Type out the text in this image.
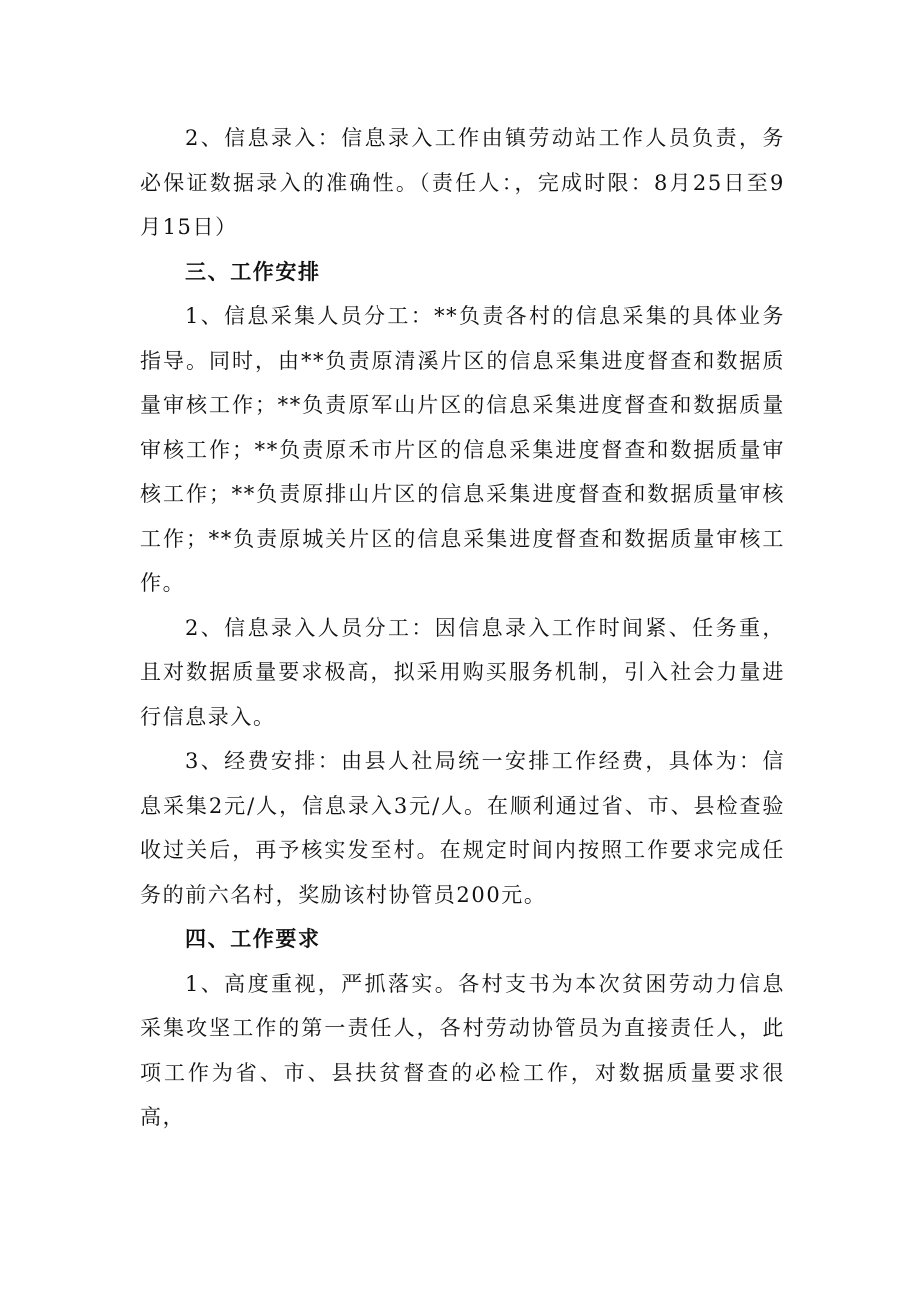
2、信息录入：信息录入工作由镇劳动站工作人员负责，务必保证数据录入的准确性。（责任人：，完成时限：8月25日至9月15日）

三、工作安排

1、信息采集人员分工：**负责各村的信息采集的具体业务指导。同时，由**负责原清溪片区的信息采集进度督查和数据质量审核工作；**负责原军山片区的信息采集进度督查和数据质量审核工作；**负责原禾市片区的信息采集进度督查和数据质量审核工作；**负责原排山片区的信息采集进度督查和数据质量审核工作；**负责原城关片区的信息采集进度督查和数据质量审核工作。

2、信息录入人员分工：因信息录入工作时间紧、任务重，且对数据质量要求极高，拟采用购买服务机制，引入社会力量进行信息录入。

3、经费安排：由县人社局统一安排工作经费，具体为：信息采集2元/人，信息录入3元/人。在顺利通过省、市、县检查验收过关后，再予核实发至村。在规定时间内按照工作要求完成任务的前六名村，奖励该村协管员200元。

四、工作要求

1、高度重视，严抓落实。各村支书为本次贫困劳动力信息采集攻坚工作的第一责任人，各村劳动协管员为直接责任人，此项工作为省、市、县扶贫督查的必检工作，对数据质量要求很高，
